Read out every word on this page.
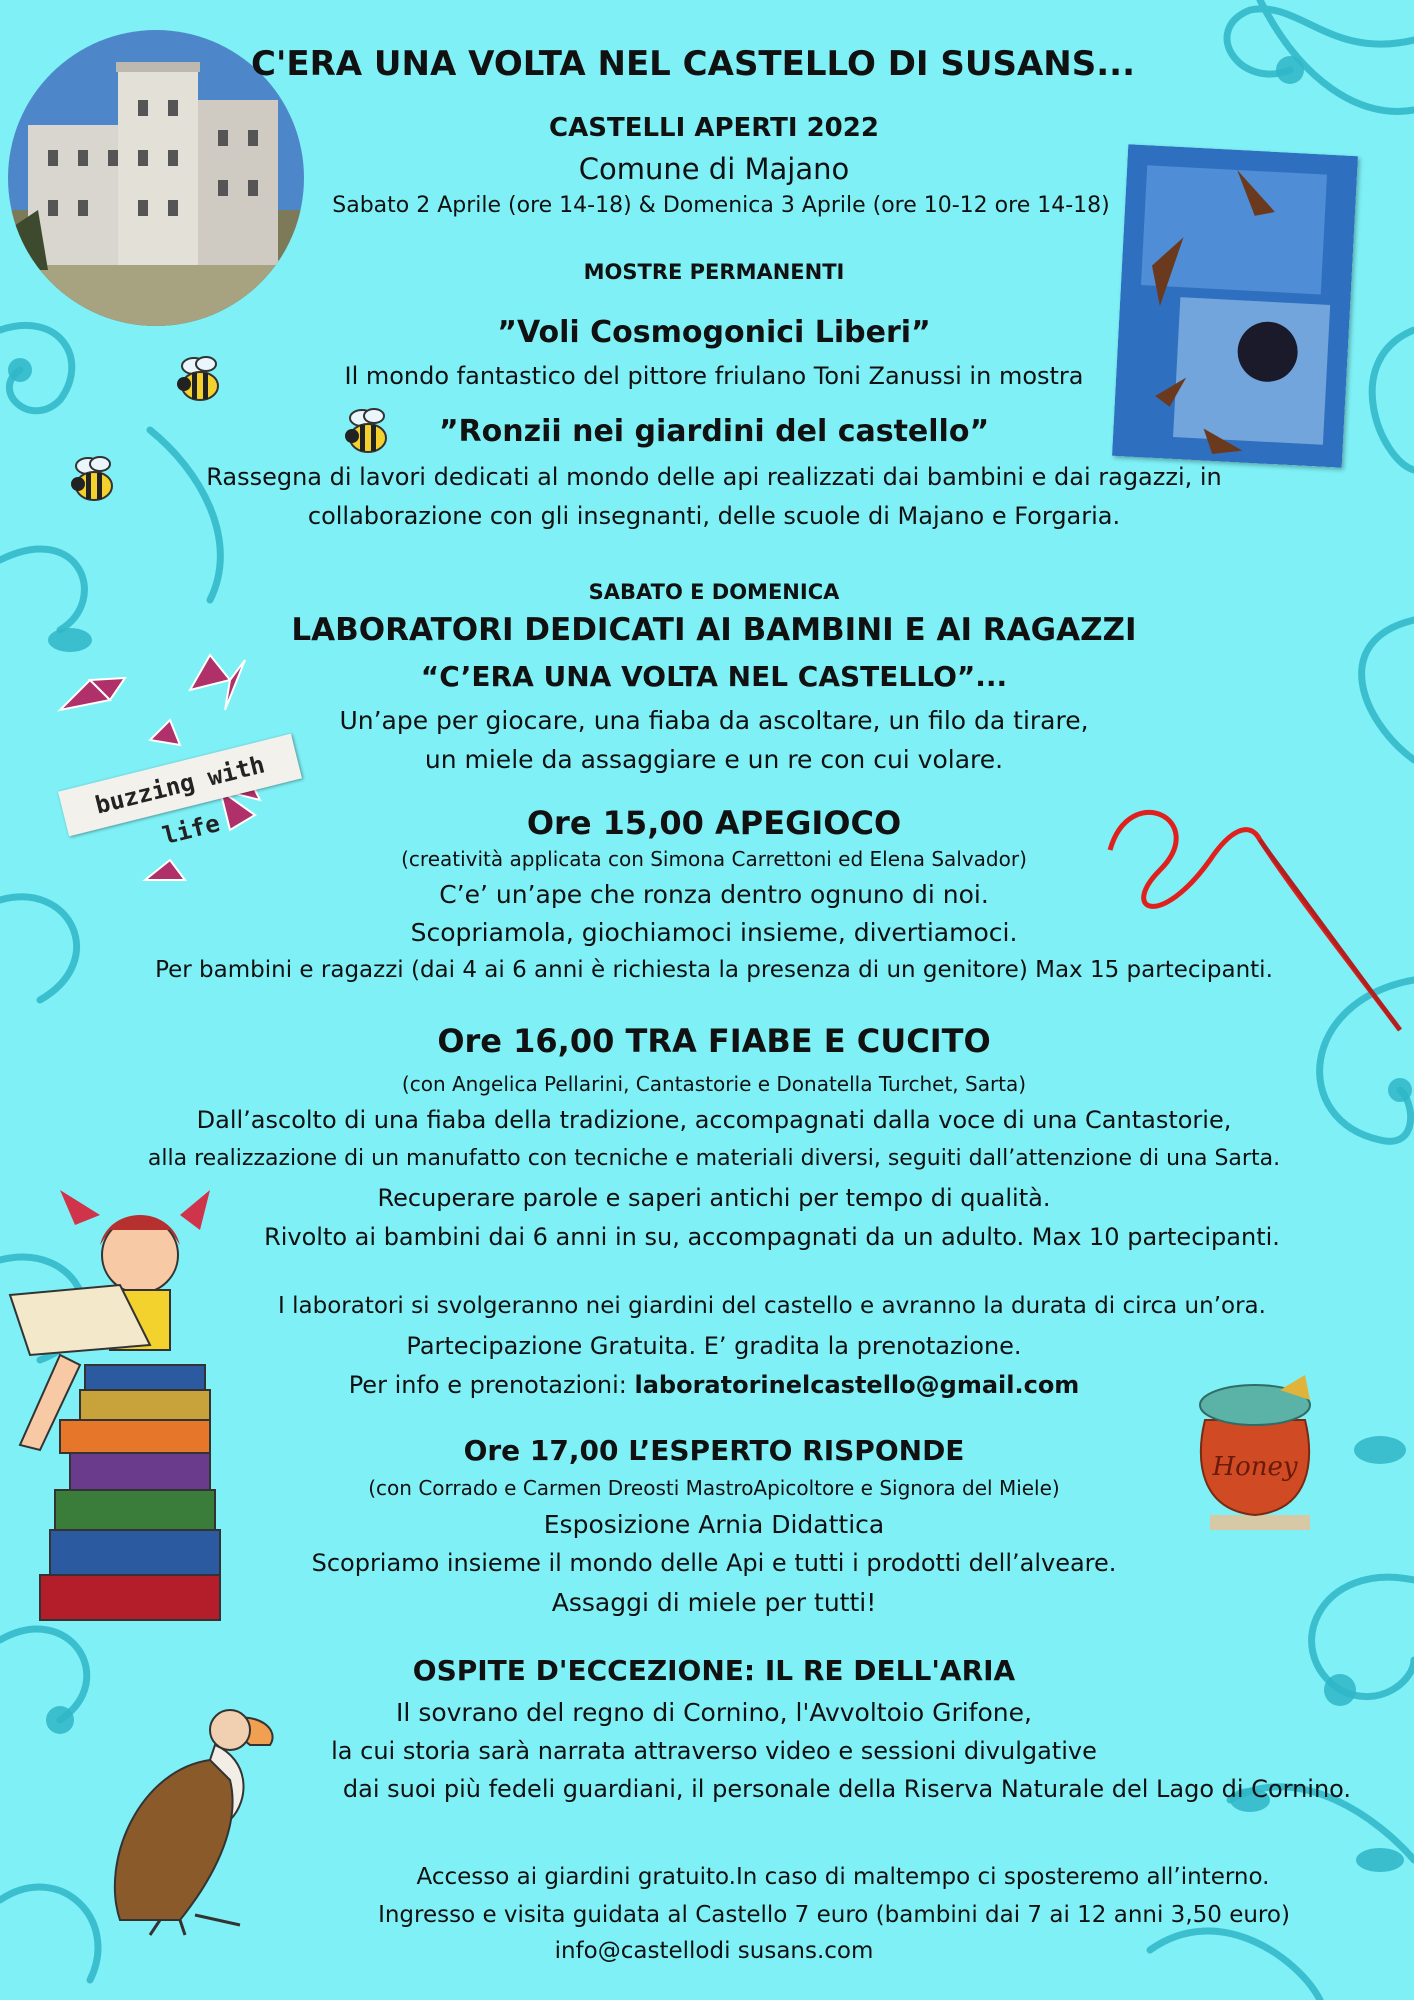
buzzing with life
Honey
C'ERA UNA VOLTA NEL CASTELLO DI SUSANS...
CASTELLI APERTI 2022
Comune di Majano
Sabato 2 Aprile (ore 14-18) & Domenica 3 Aprile (ore 10-12 ore 14-18)
MOSTRE PERMANENTI
”Voli Cosmogonici Liberi”
Il mondo fantastico del pittore friulano Toni Zanussi in mostra
”Ronzii nei giardini del castello”
Rassegna di lavori dedicati al mondo delle api realizzati dai bambini e dai ragazzi, in
collaborazione con gli insegnanti, delle scuole di Majano e Forgaria.
SABATO E DOMENICA
LABORATORI DEDICATI AI BAMBINI E AI RAGAZZI
“C’ERA UNA VOLTA NEL CASTELLO”...
Un’ape per giocare, una fiaba da ascoltare, un filo da tirare,
un miele da assaggiare e un re con cui volare.
Ore 15,00 APEGIOCO
(creatività applicata con Simona Carrettoni ed Elena Salvador)
C’e’ un’ape che ronza dentro ognuno di noi.
Scopriamola, giochiamoci insieme, divertiamoci.
Per bambini e ragazzi (dai 4 ai 6 anni è richiesta la presenza di un genitore) Max 15 partecipanti.
Ore 16,00 TRA FIABE E CUCITO
(con Angelica Pellarini, Cantastorie e Donatella Turchet, Sarta)
Dall’ascolto di una fiaba della tradizione, accompagnati dalla voce di una Cantastorie,
alla realizzazione di un manufatto con tecniche e materiali diversi, seguiti dall’attenzione di una Sarta.
Recuperare parole e saperi antichi per tempo di qualità.
Rivolto ai bambini dai 6 anni in su, accompagnati da un adulto. Max 10 partecipanti.
I laboratori si svolgeranno nei giardini del castello e avranno la durata di circa un’ora.
Partecipazione Gratuita. E’ gradita la prenotazione.
Per info e prenotazioni: laboratorinelcastello@gmail.com
Ore 17,00 L’ESPERTO RISPONDE
(con Corrado e Carmen Dreosti MastroApicoltore e Signora del Miele)
Esposizione Arnia Didattica
Scopriamo insieme il mondo delle Api e tutti i prodotti dell’alveare.
Assaggi di miele per tutti!
OSPITE D'ECCEZIONE: IL RE DELL'ARIA
Il sovrano del regno di Cornino, l'Avvoltoio Grifone,
la cui storia sarà narrata attraverso video e sessioni divulgative
dai suoi più fedeli guardiani, il personale della Riserva Naturale del Lago di Cornino.
Accesso ai giardini gratuito.In caso di maltempo ci sposteremo all’interno.
Ingresso e visita guidata al Castello 7 euro (bambini dai 7 ai 12 anni 3,50 euro)
info@castellodi susans.com
